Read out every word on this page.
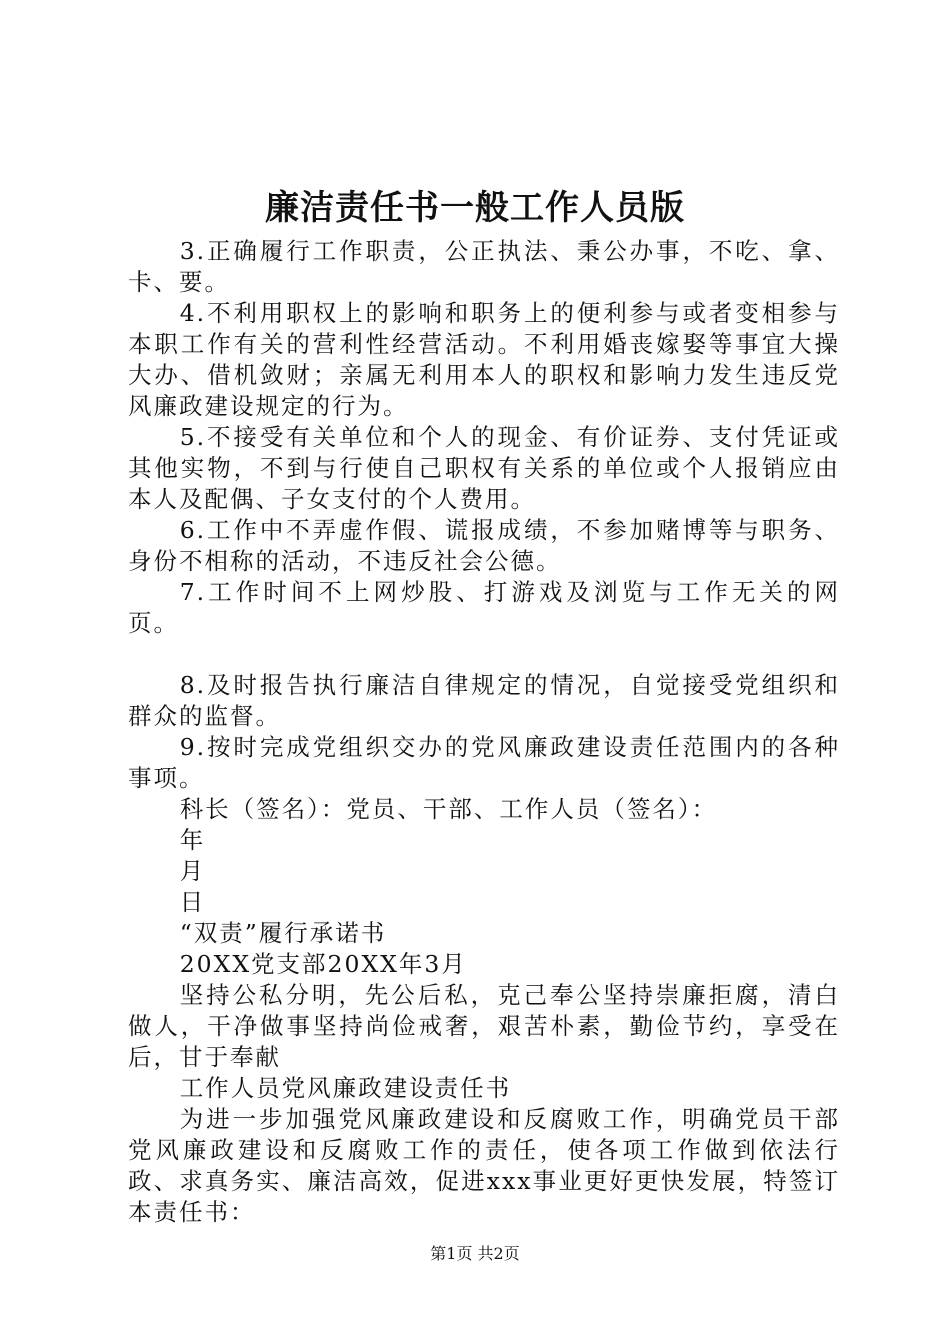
廉洁责任书一般工作人员版

3.正确履行工作职责，公正执法、秉公办事，不吃、拿、卡、要。

4.不利用职权上的影响和职务上的便利参与或者变相参与本职工作有关的营利性经营活动。不利用婚丧嫁娶等事宜大操大办、借机敛财；亲属无利用本人的职权和影响力发生违反党风廉政建设规定的行为。

5.不接受有关单位和个人的现金、有价证券、支付凭证或其他实物，不到与行使自己职权有关系的单位或个人报销应由本人及配偶、子女支付的个人费用。

6.工作中不弄虚作假、谎报成绩，不参加赌博等与职务、身份不相称的活动，不违反社会公德。

7.工作时间不上网炒股、打游戏及浏览与工作无关的网页。

8.及时报告执行廉洁自律规定的情况，自觉接受党组织和群众的监督。

9.按时完成党组织交办的党风廉政建设责任范围内的各种事项。

科长（签名）：党员、干部、工作人员（签名）：

年

月

日

“双责”履行承诺书

20XX党支部20XX年3月

坚持公私分明，先公后私，克己奉公坚持崇廉拒腐，清白做人，干净做事坚持尚俭戒奢，艰苦朴素，勤俭节约，享受在后，甘于奉献

工作人员党风廉政建设责任书

为进一步加强党风廉政建设和反腐败工作，明确党员干部党风廉政建设和反腐败工作的责任，使各项工作做到依法行政、求真务实、廉洁高效，促进xxx事业更好更快发展，特签订本责任书：

第1页 共2页
